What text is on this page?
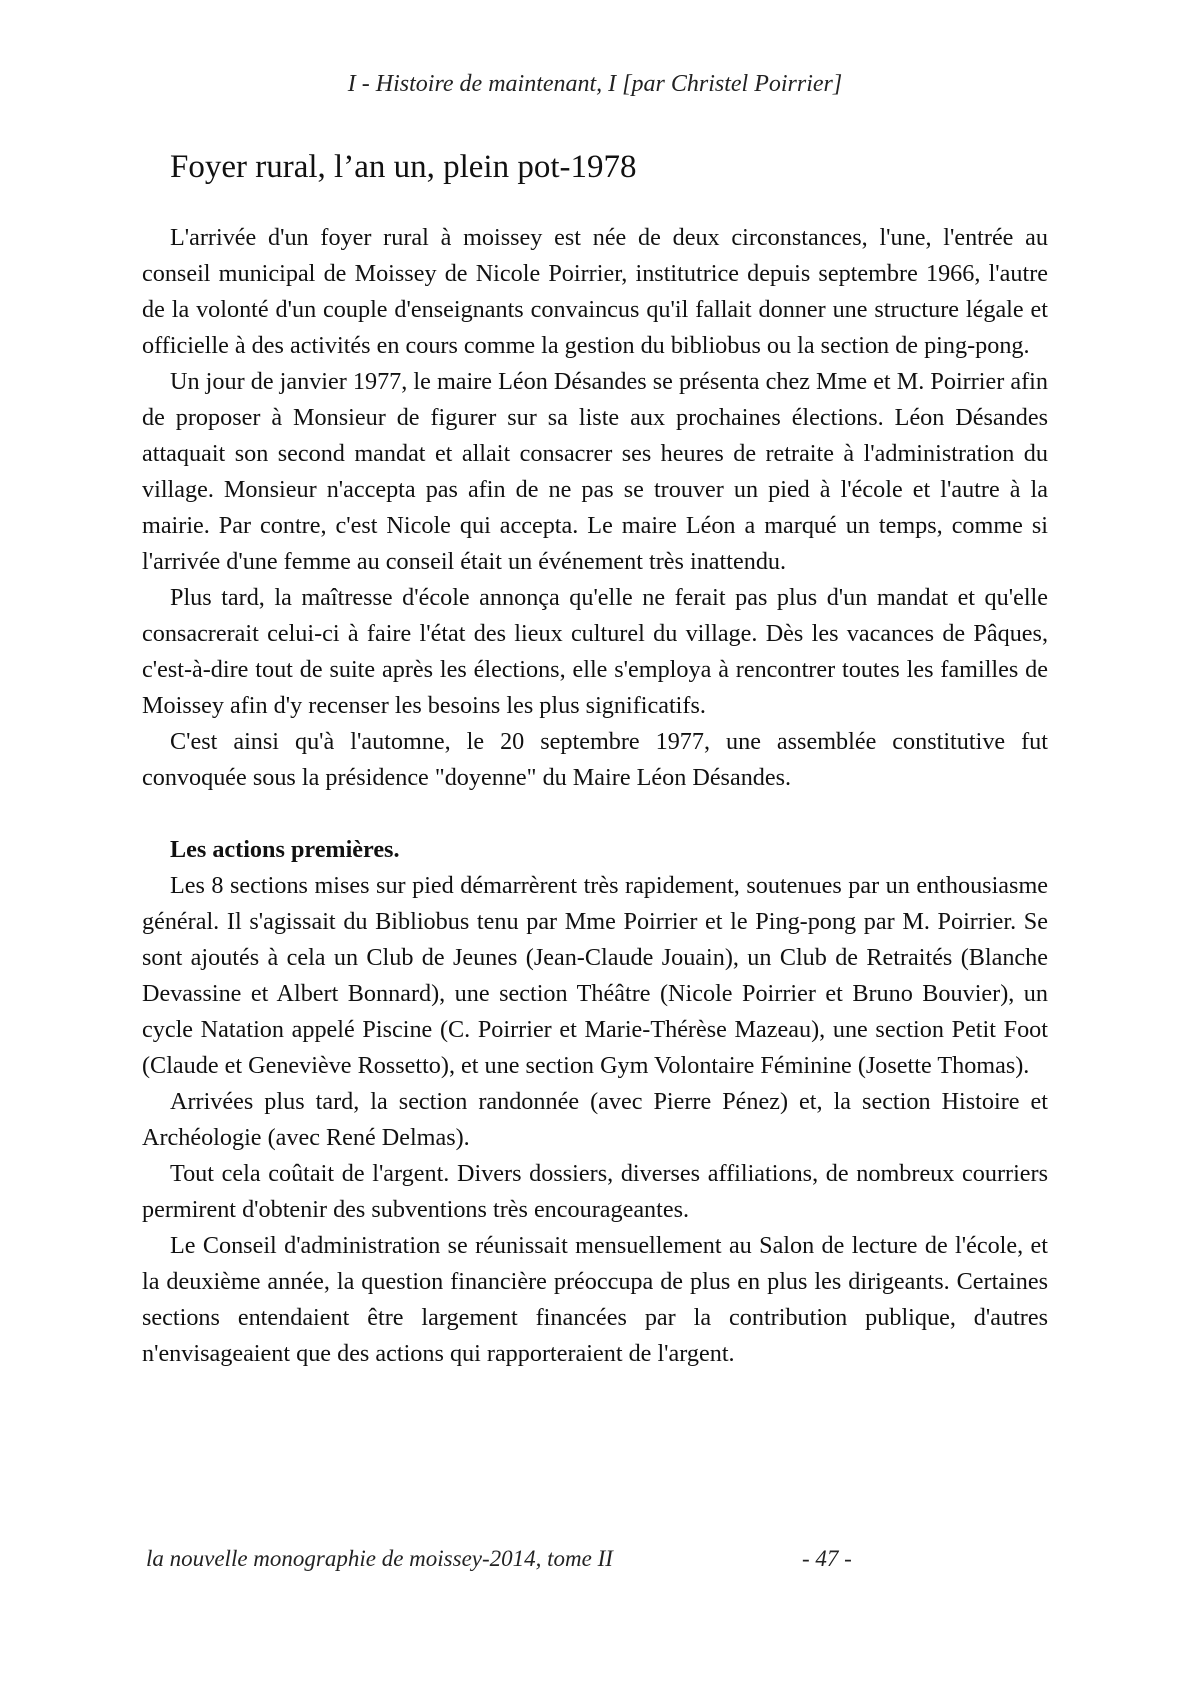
I - Histoire de maintenant, I [par Christel Poirrier]

Foyer rural, l’an un, plein pot-1978

L'arrivée d'un foyer rural à moissey est née de deux circonstances, l'une, l'entrée au conseil municipal de Moissey de Nicole Poirrier, institutrice depuis septembre 1966, l'autre de la volonté d'un couple d'enseignants convaincus qu'il fallait donner une structure légale et officielle à des activités en cours comme la gestion du bibliobus ou la section de ping-pong.

Un jour de janvier 1977, le maire Léon Désandes se présenta chez Mme et M. Poirrier afin de proposer à Monsieur de figurer sur sa liste aux prochaines élections. Léon Désandes attaquait son second mandat et allait consacrer ses heures de retraite à l'administration du village. Monsieur n'accepta pas afin de ne pas se trouver un pied à l'école et l'autre à la mairie. Par contre, c'est Nicole qui accepta. Le maire Léon a marqué un temps, comme si l'arrivée d'une femme au conseil était un événement très inattendu.

Plus tard, la maîtresse d'école annonça qu'elle ne ferait pas plus d'un mandat et qu'elle consacrerait celui-ci à faire l'état des lieux culturel du village. Dès les vacances de Pâques, c'est-à-dire tout de suite après les élections, elle s'employa à rencontrer toutes les familles de Moissey afin d'y recenser les besoins les plus significatifs.

C'est ainsi qu'à l'automne, le 20 septembre 1977, une assemblée constitutive fut convoquée sous la présidence "doyenne" du Maire Léon Désandes.

Les actions premières.

Les 8 sections mises sur pied démarrèrent très rapidement, soutenues par un enthousiasme général. Il s'agissait du Bibliobus tenu par Mme Poirrier et le Ping-pong par M. Poirrier. Se sont ajoutés à cela un Club de Jeunes (Jean-Claude Jouain), un Club de Retraités (Blanche Devassine et Albert Bonnard), une section Théâtre (Nicole Poirrier et Bruno Bouvier), un cycle Natation appelé Piscine (C. Poirrier et Marie-Thérèse Mazeau), une section Petit Foot (Claude et Geneviève Rossetto), et une section Gym Volontaire Féminine (Josette Thomas).

Arrivées plus tard, la section randonnée (avec Pierre Pénez) et, la section Histoire et Archéologie (avec René Delmas).

Tout cela coûtait de l'argent. Divers dossiers, diverses affiliations, de nombreux courriers permirent d'obtenir des subventions très encourageantes.

Le Conseil d'administration se réunissait mensuellement au Salon de lecture de l'école, et la deuxième année, la question financière préoccupa de plus en plus les dirigeants. Certaines sections entendaient être largement financées par la contribution publique, d'autres n'envisageaient que des actions qui rapporteraient de l'argent.

la nouvelle monographie de moissey-2014, tome II	- 47 -
